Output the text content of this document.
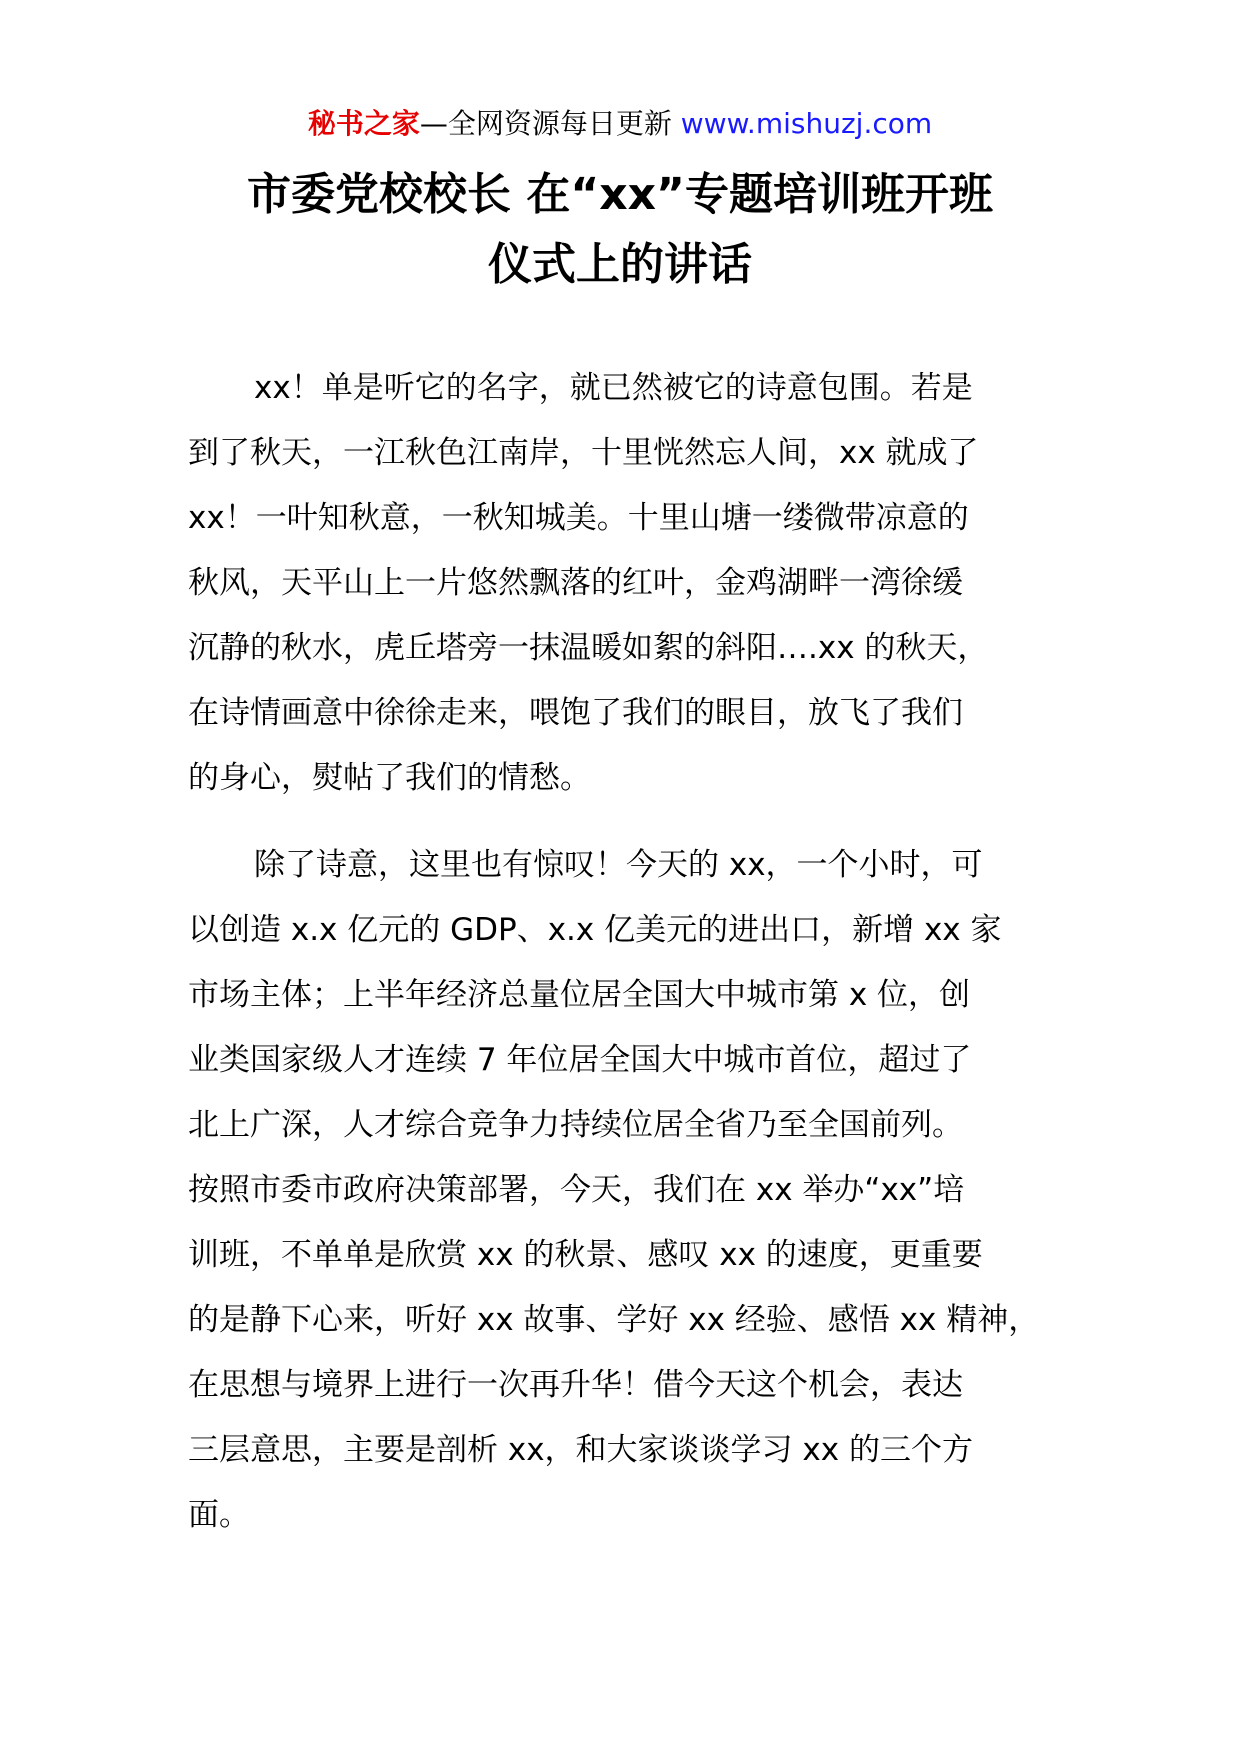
秘书之家—全网资源每日更新 www.mishuzj.com
市委党校校长 在“xx”专题培训班开班
仪式上的讲话

xx！单是听它的名字，就已然被它的诗意包围。若是
到了秋天，一江秋色江南岸，十里恍然忘人间，xx 就成了
xx！一叶知秋意，一秋知城美。十里山塘一缕微带凉意的
秋风，天平山上一片悠然飘落的红叶，金鸡湖畔一湾徐缓
沉静的秋水，虎丘塔旁一抹温暖如絮的斜阳….xx 的秋天，
在诗情画意中徐徐走来，喂饱了我们的眼目，放飞了我们
的身心，熨帖了我们的情愁。

除了诗意，这里也有惊叹！今天的 xx，一个小时，可
以创造 x.x 亿元的 GDP、x.x 亿美元的进出口，新增 xx 家
市场主体；上半年经济总量位居全国大中城市第 x 位，创
业类国家级人才连续 7 年位居全国大中城市首位，超过了
北上广深，人才综合竞争力持续位居全省乃至全国前列。
按照市委市政府决策部署，今天，我们在 xx 举办“xx”培
训班，不单单是欣赏 xx 的秋景、感叹 xx 的速度，更重要
的是静下心来，听好 xx 故事、学好 xx 经验、感悟 xx 精神，
在思想与境界上进行一次再升华！借今天这个机会，表达
三层意思，主要是剖析 xx，和大家谈谈学习 xx 的三个方
面。
